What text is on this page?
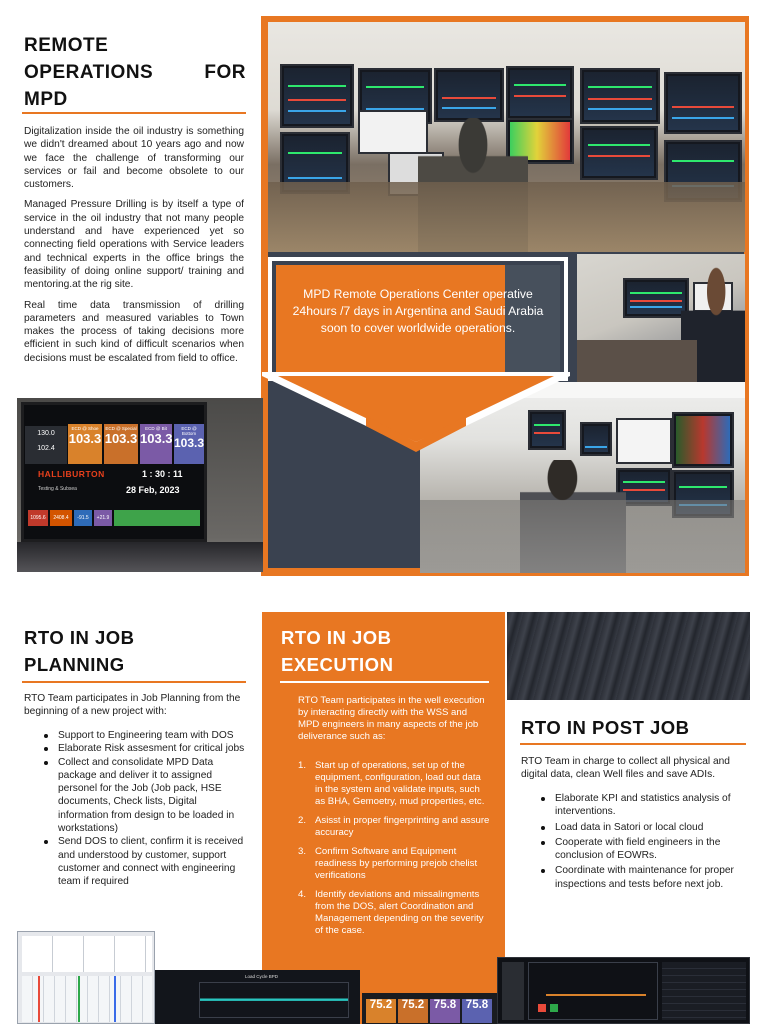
REMOTE
OPERATIONS	FOR
MPD

Digitalization inside the oil industry is something we didn't dreamed about 10 years ago and now we face the challenge of transforming our services or fail and become obsolete to our customers.

Managed Pressure Drilling is by itself a type of service in the oil industry that not many people understand and have experienced yet so connecting field operations with Service leaders and technical experts in the office brings the feasibility of doing online support/ training and mentoring.at the rig site.

Real time data transmission of drilling parameters and measured variables to Town makes the process of taking decisions more efficient in such kind of difficult scenarios when decisions must be escalated from field to office.

MPD Remote Operations Center operative 24hours /7 days in Argentina and Saudi Arabia soon to cover worldwide operations.
130.0
102.4
ECD @ Shoe
103.3
ECD @ Special
103.3
ECD @ Bit
103.3
ECD @ Bottom
103.3
HALLIBURTON
Testing & Subsea
1 : 30 : 11
28 Feb, 2023
1095.6	2408.4	-91.5	+21.9
RTO IN JOB
PLANNING
RTO Team participates in Job Planning from the beginning of a new project with:
Support to Engineering team with DOS
Elaborate Risk assesment for critical jobs
Collect and consolidate MPD Data package and deliver it to assigned personel for the Job (Job pack, HSE documents, Check lists, Digital information from design to be loaded in workstations)
Send DOS to client, confirm it is received and understood by customer, support customer and connect with engineering team if required
RTO IN JOB
EXECUTION
RTO Team participates in the well execution by interacting directly with the WSS and MPD engineers in many aspects of the job deliverance such as:
1. Start up of operations, set up of the equipment, configuration, load out data in the system and validate inputs, such as BHA, Gemoetry, mud properties, etc.
2. Asisst in proper fingerprinting and assure accuracy
3. Confirm Software and Equipment readiness by performing prejob chelist verifications
4. Identify deviations and missalingments from the DOS, alert Coordination and Management depending on the severity of the case.
RTO IN POST JOB
RTO Team in charge to collect all physical and digital data, clean Well files and save ADIs.
Elaborate KPI and statistics analysis of interventions.
Load data in Satori or local cloud
Cooperate with field engineers in the conclusion of EOWRs.
Coordinate with maintenance for proper inspections and tests before next job.
Load Cycle BPD
75.2 75.2 75.8 75.8
